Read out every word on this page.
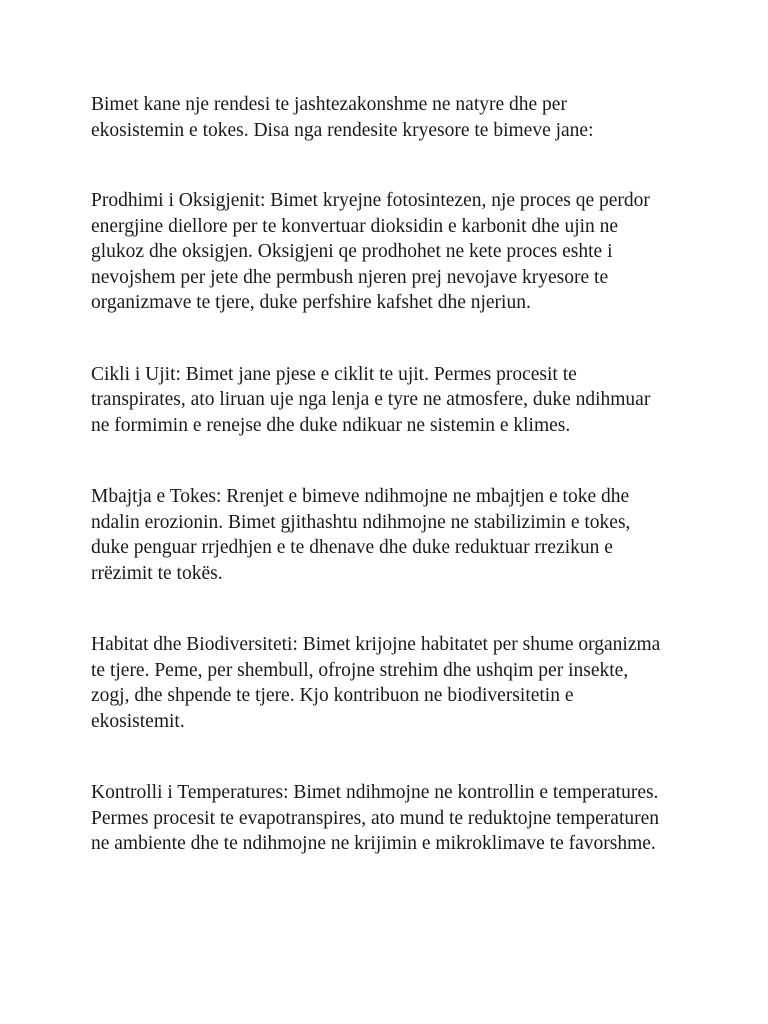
Bimet kane nje rendesi te jashtezakonshme ne natyre dhe per
ekosistemin e tokes. Disa nga rendesite kryesore te bimeve jane:

Prodhimi i Oksigjenit: Bimet kryejne fotosintezen, nje proces qe perdor
energjine diellore per te konvertuar dioksidin e karbonit dhe ujin ne
glukoz dhe oksigjen. Oksigjeni qe prodhohet ne kete proces eshte i
nevojshem per jete dhe permbush njeren prej nevojave kryesore te
organizmave te tjere, duke perfshire kafshet dhe njeriun.

Cikli i Ujit: Bimet jane pjese e ciklit te ujit. Permes procesit te
transpirates, ato liruan uje nga lenja e tyre ne atmosfere, duke ndihmuar
ne formimin e renejse dhe duke ndikuar ne sistemin e klimes.

Mbajtja e Tokes: Rrenjet e bimeve ndihmojne ne mbajtjen e toke dhe
ndalin erozionin. Bimet gjithashtu ndihmojne ne stabilizimin e tokes,
duke penguar rrjedhjen e te dhenave dhe duke reduktuar rrezikun e
rrëzimit te tokës.

Habitat dhe Biodiversiteti: Bimet krijojne habitatet per shume organizma
te tjere. Peme, per shembull, ofrojne strehim dhe ushqim per insekte,
zogj, dhe shpende te tjere. Kjo kontribuon ne biodiversitetin e
ekosistemit.

Kontrolli i Temperatures: Bimet ndihmojne ne kontrollin e temperatures.
Permes procesit te evapotranspires, ato mund te reduktojne temperaturen
ne ambiente dhe te ndihmojne ne krijimin e mikroklimave te favorshme.
